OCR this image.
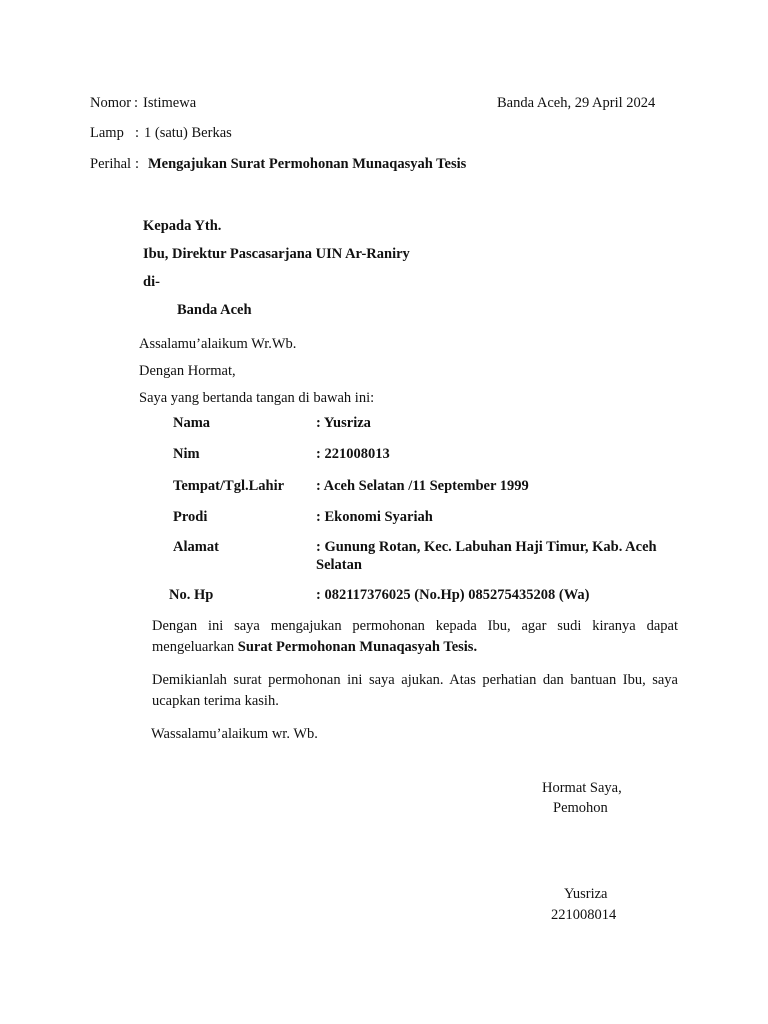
Nomor : Istimewa	Banda Aceh, 29 April 2024
Lamp : 1 (satu) Berkas
Perihal : Mengajukan Surat Permohonan Munaqasyah Tesis
Kepada Yth.
Ibu, Direktur Pascasarjana UIN Ar-Raniry
di-
Banda Aceh
Assalamu’alaikum Wr.Wb.
Dengan Hormat,
Saya yang bertanda tangan di bawah ini:
Nama	: Yusriza
Nim	: 221008013
Tempat/Tgl.Lahir : Aceh Selatan /11 September 1999
Prodi	: Ekonomi Syariah
Alamat	: Gunung Rotan, Kec. Labuhan Haji Timur, Kab. Aceh Selatan
No. Hp	: 082117376025 (No.Hp) 085275435208 (Wa)

Dengan ini saya mengajukan permohonan kepada Ibu, agar sudi kiranya dapat mengeluarkan Surat Permohonan Munaqasyah Tesis.

Demikianlah surat permohonan ini saya ajukan. Atas perhatian dan bantuan Ibu, saya ucapkan terima kasih.

Wassalamu’alaikum wr. Wb.
Hormat Saya,
Pemohon
Yusriza
221008014
